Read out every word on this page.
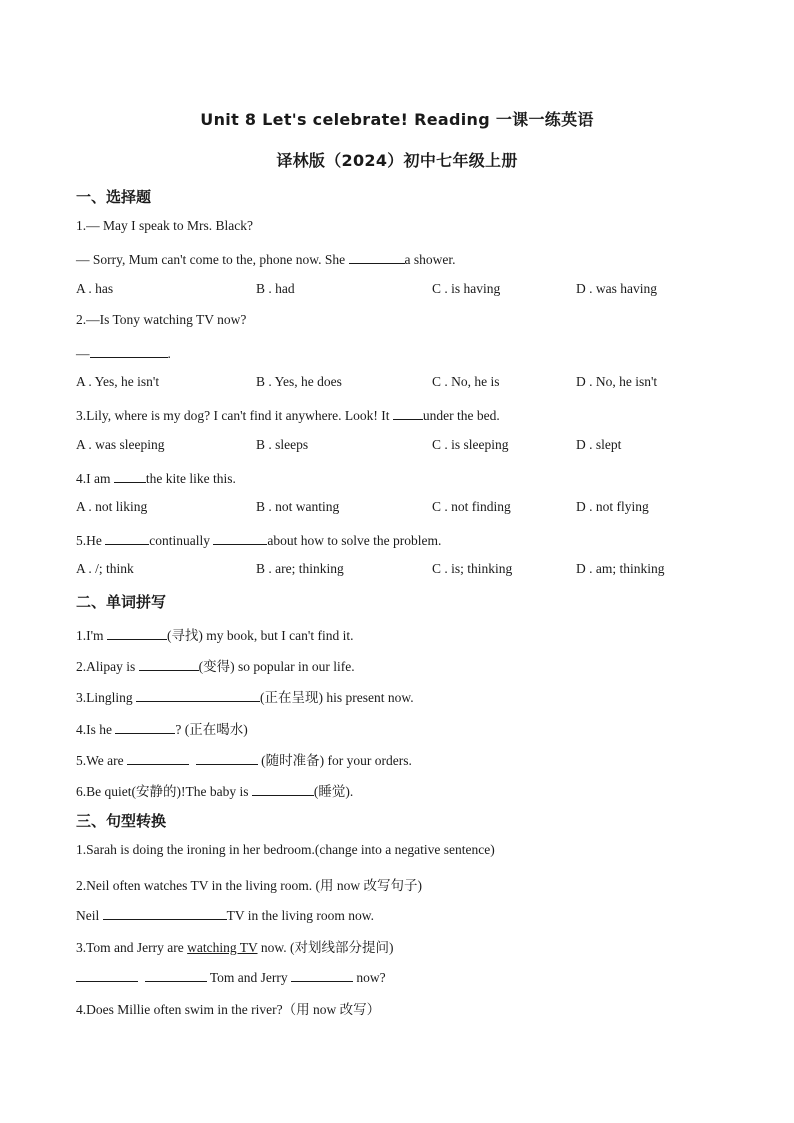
Unit 8 Let's celebrate! Reading 一课一练英语
译林版（2024）初中七年级上册
一、选择题
1.— May I speak to Mrs. Black?
— Sorry, Mum can't come to the, phone now. She	a shower.
A . has	B . had	C . is having	D . was having
2.—Is Tony watching TV now?
—	.
A . Yes, he isn't	B . Yes, he does	C . No, he is	D . No, he isn't
3.Lily, where is my dog? I can't find it anywhere. Look! It under the bed.
A . was sleeping	B . sleeps	C . is sleeping	D . slept
4.I am the kite like this.
A . not liking	B . not wanting	C . not finding	D . not flying
5.He	continually	about how to solve the problem.
A . /; think	B . are; thinking	C . is; thinking	D . am; thinking
二、单词拼写
1.I'm	(寻找) my book, but I can't find it.
2.Alipay is	(变得) so popular in our life.
3.Lingling	(正在呈现) his present now.
4.Is he	? (正在喝水)
5.We are	(随时准备) for your orders.
6.Be quiet(安静的)!The baby is	(睡觉).
三、句型转换
1.Sarah is doing the ironing in her bedroom.(change into a negative sentence)
2.Neil often watches TV in the living room. (用 now 改写句子)
Neil	TV in the living room now.
3.Tom and Jerry are watching TV now. (对划线部分提问)
Tom and Jerry	now?
4.Does Millie often swim in the river?（用 now 改写）
